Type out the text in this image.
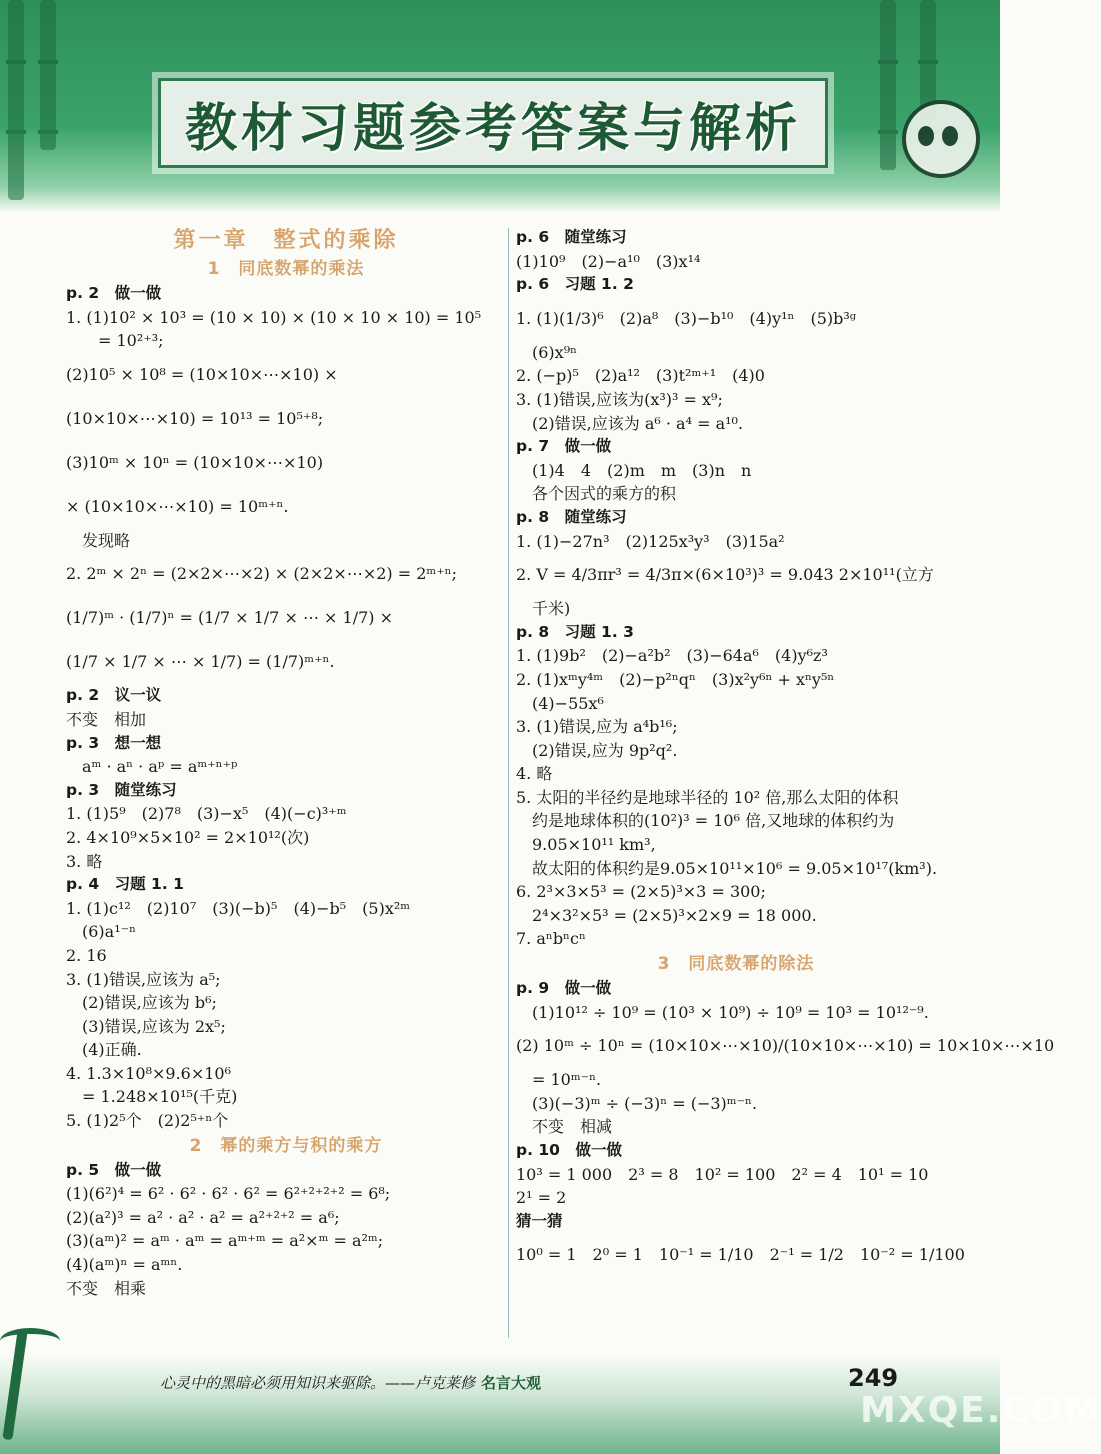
教材习题参考答案与解析
第一章　整式的乘除
1　同底数幂的乘法
p. 2　做一做
1. (1)10² × 10³ = (10 × 10) × (10 × 10 × 10) = 10⁵
= 10²⁺³;
(2)10⁵ × 10⁸ = (10×10×⋯×10) ×
(10×10×⋯×10) = 10¹³ = 10⁵⁺⁸;
(3)10ᵐ × 10ⁿ = (10×10×⋯×10)
× (10×10×⋯×10) = 10ᵐ⁺ⁿ.
发现略
2. 2ᵐ × 2ⁿ = (2×2×⋯×2) × (2×2×⋯×2) = 2ᵐ⁺ⁿ;
(1/7)ᵐ · (1/7)ⁿ = (1/7 × 1/7 × ⋯ × 1/7) ×
(1/7 × 1/7 × ⋯ × 1/7) = (1/7)ᵐ⁺ⁿ.
p. 2　议一议
不变　相加
p. 3　想一想
aᵐ · aⁿ · aᵖ = aᵐ⁺ⁿ⁺ᵖ
p. 3　随堂练习
1. (1)5⁹　(2)7⁸　(3)−x⁵　(4)(−c)³⁺ᵐ
2. 4×10⁹×5×10² = 2×10¹²(次)
3. 略
p. 4　习题 1. 1
1. (1)c¹²　(2)10⁷　(3)(−b)⁵　(4)−b⁵　(5)x²ᵐ
(6)a¹⁻ⁿ
2. 16
3. (1)错误,应该为 a⁵;
(2)错误,应该为 b⁶;
(3)错误,应该为 2x⁵;
(4)正确.
4. 1.3×10⁸×9.6×10⁶
= 1.248×10¹⁵(千克)
5. (1)2⁵个　(2)2⁵⁺ⁿ个
2　幂的乘方与积的乘方
p. 5　做一做
(1)(6²)⁴ = 6² · 6² · 6² · 6² = 6²⁺²⁺²⁺² = 6⁸;
(2)(a²)³ = a² · a² · a² = a²⁺²⁺² = a⁶;
(3)(aᵐ)² = aᵐ · aᵐ = aᵐ⁺ᵐ = a²×ᵐ = a²ᵐ;
(4)(aᵐ)ⁿ = aᵐⁿ.
不变　相乘
p. 6　随堂练习
(1)10⁹　(2)−a¹⁰　(3)x¹⁴
p. 6　习题 1. 2
1. (1)(1/3)⁶　(2)a⁸　(3)−b¹⁰　(4)y¹ⁿ　(5)b³ᵍ
(6)x⁹ⁿ
2. (−p)⁵　(2)a¹²　(3)t²ᵐ⁺¹　(4)0
3. (1)错误,应该为(x³)³ = x⁹;
(2)错误,应该为 a⁶ · a⁴ = a¹⁰.
p. 7　做一做
(1)4　4　(2)m　m　(3)n　n
各个因式的乘方的积
p. 8　随堂练习
1. (1)−27n³　(2)125x³y³　(3)15a²
2. V = 4/3πr³ = 4/3π×(6×10³)³ = 9.043 2×10¹¹(立方
千米)
p. 8　习题 1. 3
1. (1)9b²　(2)−a²b²　(3)−64a⁶　(4)y⁶z³
2. (1)xᵐy⁴ᵐ　(2)−p²ⁿqⁿ　(3)x²y⁶ⁿ + xⁿy⁵ⁿ
(4)−55x⁶
3. (1)错误,应为 a⁴b¹⁶;
(2)错误,应为 9p²q².
4. 略
5. 太阳的半径约是地球半径的 10² 倍,那么太阳的体积
约是地球体积的(10²)³ = 10⁶ 倍,又地球的体积约为
9.05×10¹¹ km³,
故太阳的体积约是9.05×10¹¹×10⁶ = 9.05×10¹⁷(km³).
6. 2³×3×5³ = (2×5)³×3 = 300;
2⁴×3²×5³ = (2×5)³×2×9 = 18 000.
7. aⁿbⁿcⁿ
3　同底数幂的除法
p. 9　做一做
(1)10¹² ÷ 10⁹ = (10³ × 10⁹) ÷ 10⁹ = 10³ = 10¹²⁻⁹.
(2) 10ᵐ ÷ 10ⁿ = (10×10×⋯×10)/(10×10×⋯×10) = 10×10×⋯×10
= 10ᵐ⁻ⁿ.
(3)(−3)ᵐ ÷ (−3)ⁿ = (−3)ᵐ⁻ⁿ.
不变　相减
p. 10　做一做
10³ = 1 000　2³ = 8　10² = 100　2² = 4　10¹ = 10
2¹ = 2
猜一猜
10⁰ = 1　2⁰ = 1　10⁻¹ = 1/10　2⁻¹ = 1/2　10⁻² = 1/100
心灵中的黑暗必须用知识来驱除。——卢克莱修 名言大观	249
MXQE.COM
